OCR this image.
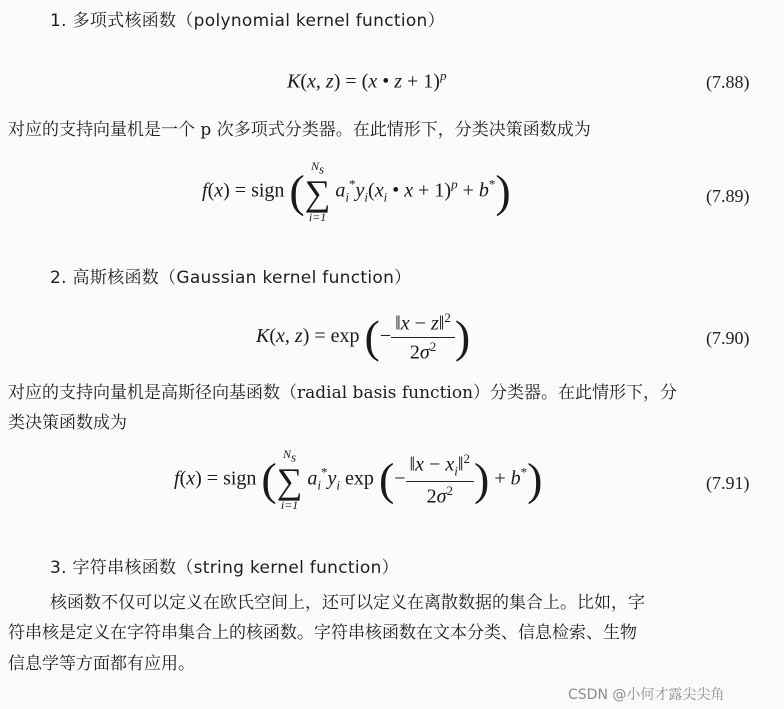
1. 多项式核函数（polynomial kernel function）
K(x, z) = (x • z + 1)$^p$	(7.88)
对应的支持向量机是一个 p 次多项式分类器。在此情形下，分类决策函数成为
f(x) = sign ( $N_s$
∑
i=1
$a_i^*y_i(x_i$ • x + 1)$^p$ + b*)	(7.89)
2. 高斯核函数（Gaussian kernel function）
K(x, z) = exp (− $\frac{‖x - z‖^2}{2\sigma^2}$ )	(7.90)
对应的支持向量机是高斯径向基函数（radial basis function）分类器。在此情形下，分
类决策函数成为
f(x) = sign ( $N_s$
∑
i=1
$a_i^*y_i$ exp (− $\frac{‖x - x_i‖^2}{2\sigma^2}$ ) + b*)	(7.91)
3. 字符串核函数（string kernel function）
核函数不仅可以定义在欧氏空间上，还可以定义在离散数据的集合上。比如，字
符串核是定义在字符串集合上的核函数。字符串核函数在文本分类、信息检索、生物
信息学等方面都有应用。
CSDN @小何才露尖尖角
